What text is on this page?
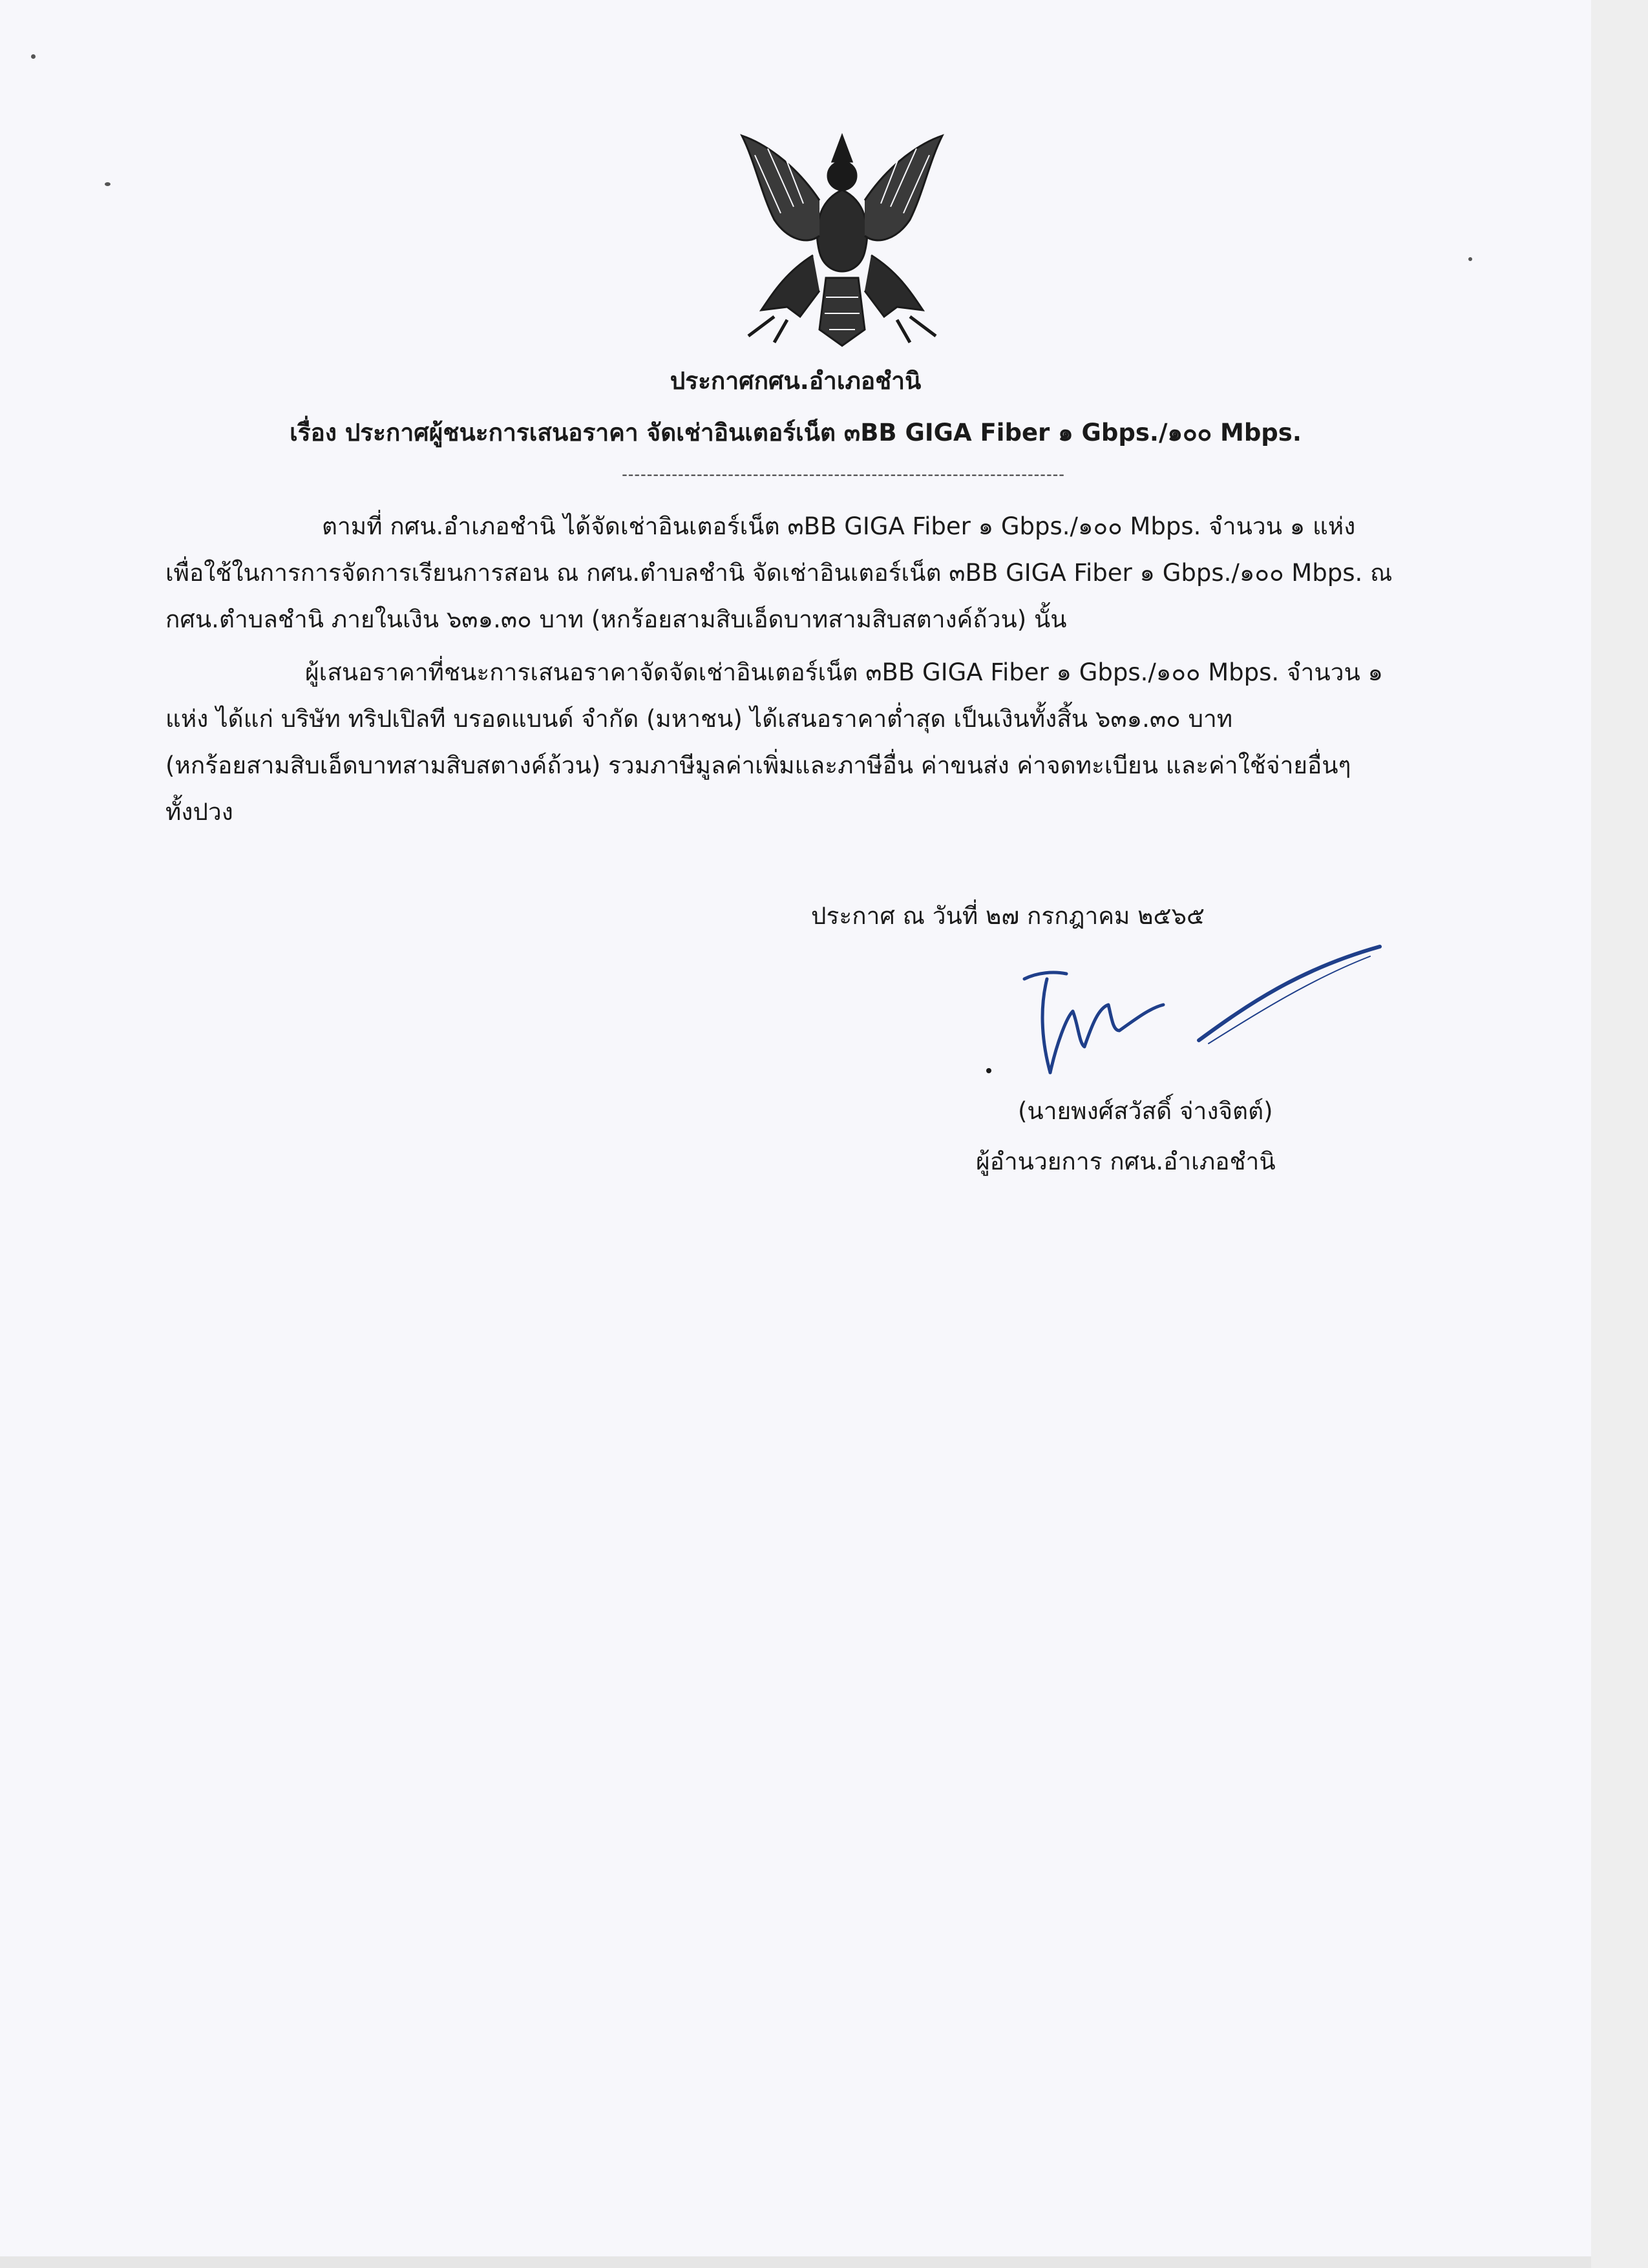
ประกาศกศน.อำเภอชำนิ
เรื่อง ประกาศผู้ชนะการเสนอราคา จัดเช่าอินเตอร์เน็ต ๓BB GIGA Fiber ๑ Gbps./๑๐๐ Mbps.
-----------------------------------------------------------------------
ตามที่ กศน.อำเภอชำนิ ได้จัดเช่าอินเตอร์เน็ต ๓BB GIGA Fiber ๑ Gbps./๑๐๐ Mbps. จำนวน ๑ แห่ง
เพื่อใช้ในการการจัดการเรียนการสอน ณ กศน.ตำบลชำนิ จัดเช่าอินเตอร์เน็ต ๓BB GIGA Fiber ๑ Gbps./๑๐๐ Mbps. ณ
กศน.ตำบลชำนิ ภายในเงิน ๖๓๑.๓๐ บาท (หกร้อยสามสิบเอ็ดบาทสามสิบสตางค์ถ้วน) นั้น
ผู้เสนอราคาที่ชนะการเสนอราคาจัดจัดเช่าอินเตอร์เน็ต ๓BB GIGA Fiber ๑ Gbps./๑๐๐ Mbps. จำนวน ๑
แห่ง ได้แก่ บริษัท ทริปเปิลที บรอดแบนด์ จำกัด (มหาชน) ได้เสนอราคาต่ำสุด เป็นเงินทั้งสิ้น ๖๓๑.๓๐ บาท
(หกร้อยสามสิบเอ็ดบาทสามสิบสตางค์ถ้วน) รวมภาษีมูลค่าเพิ่มและภาษีอื่น ค่าขนส่ง ค่าจดทะเบียน และค่าใช้จ่ายอื่นๆ
ทั้งปวง
ประกาศ ณ วันที่ ๒๗ กรกฎาคม ๒๕๖๕
(นายพงศ์สวัสดิ์ จ่างจิตต์)
ผู้อำนวยการ กศน.อำเภอชำนิ
